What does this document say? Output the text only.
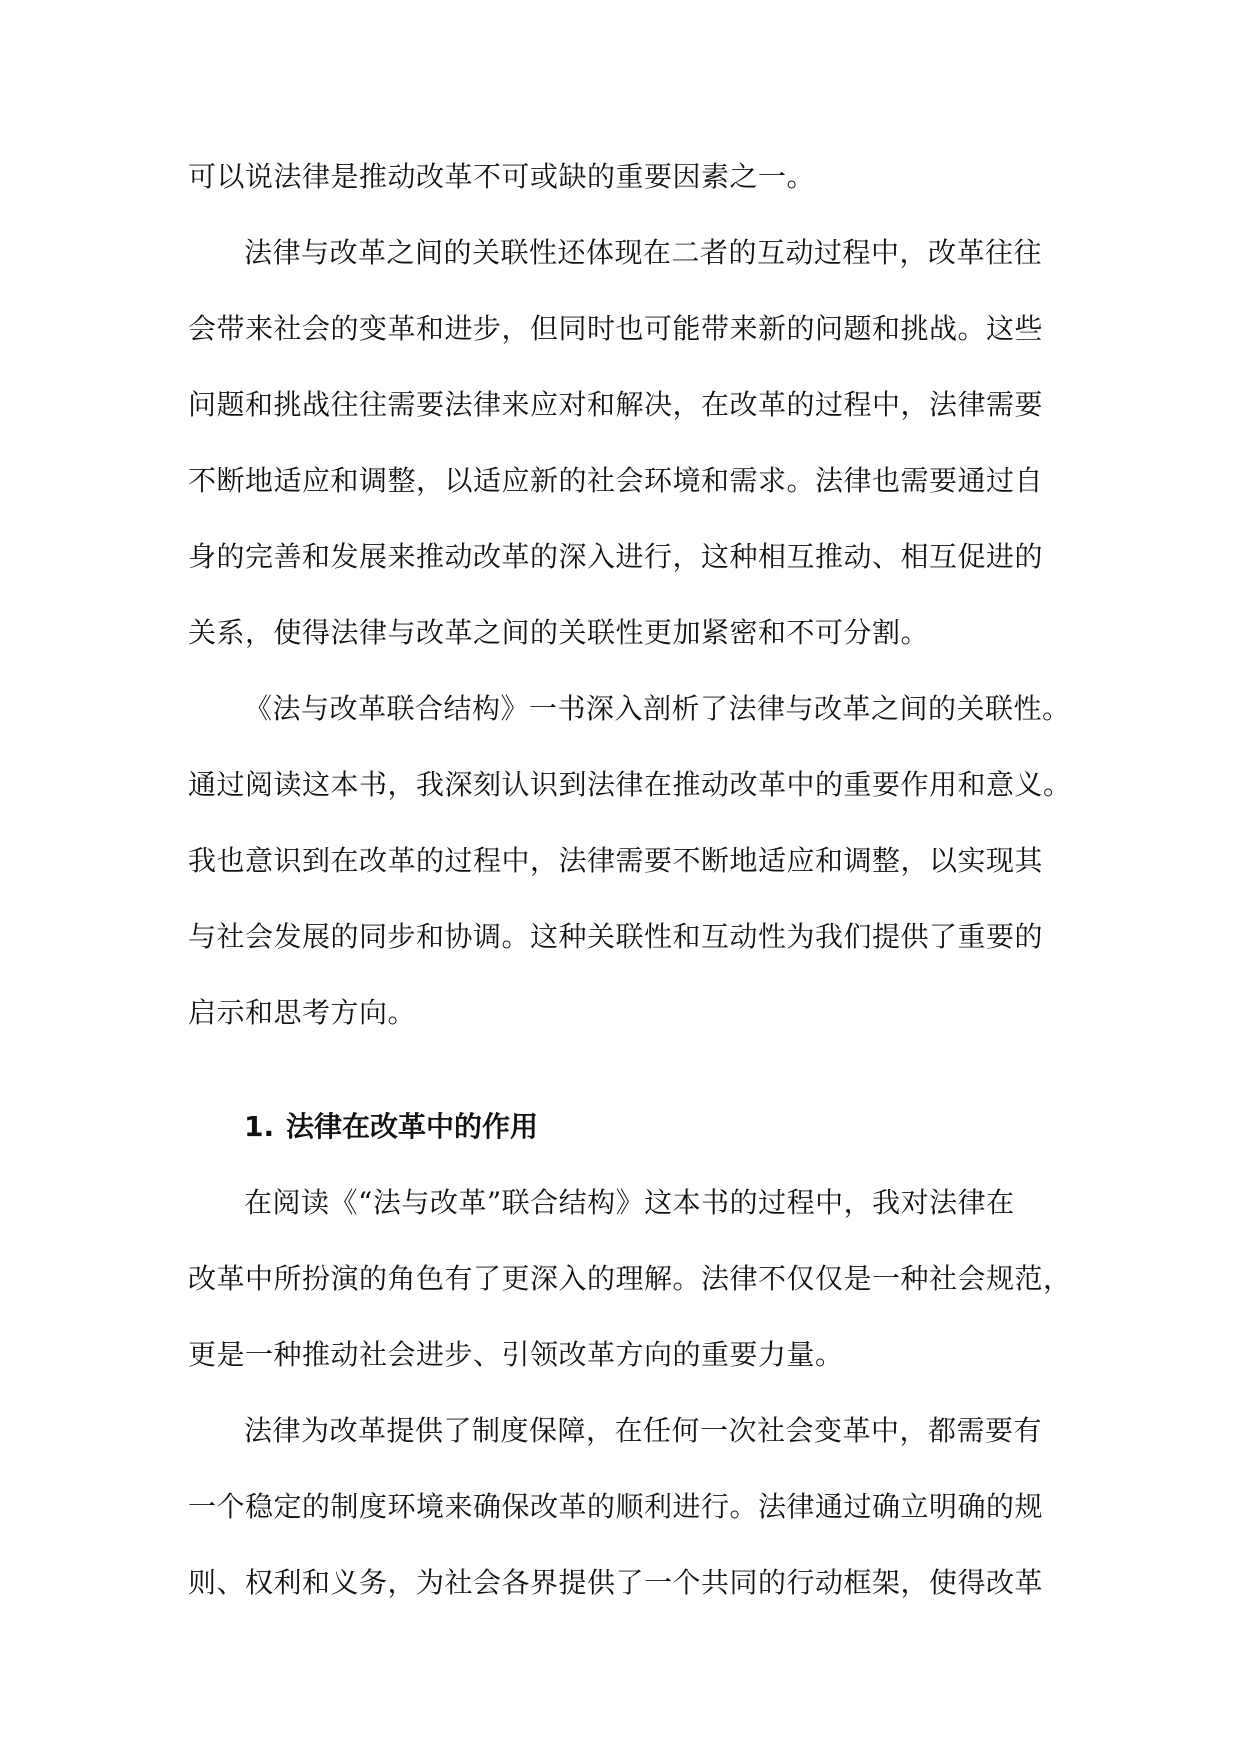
可以说法律是推动改革不可或缺的重要因素之一。
法律与改革之间的关联性还体现在二者的互动过程中，改革往往
会带来社会的变革和进步，但同时也可能带来新的问题和挑战。这些
问题和挑战往往需要法律来应对和解决，在改革的过程中，法律需要
不断地适应和调整，以适应新的社会环境和需求。法律也需要通过自
身的完善和发展来推动改革的深入进行，这种相互推动、相互促进的
关系，使得法律与改革之间的关联性更加紧密和不可分割。
《法与改革联合结构》一书深入剖析了法律与改革之间的关联性。
通过阅读这本书，我深刻认识到法律在推动改革中的重要作用和意义。
我也意识到在改革的过程中，法律需要不断地适应和调整，以实现其
与社会发展的同步和协调。这种关联性和互动性为我们提供了重要的
启示和思考方向。
1. 法律在改革中的作用
在阅读《“法与改革”联合结构》这本书的过程中，我对法律在
改革中所扮演的角色有了更深入的理解。法律不仅仅是一种社会规范，
更是一种推动社会进步、引领改革方向的重要力量。
法律为改革提供了制度保障，在任何一次社会变革中，都需要有
一个稳定的制度环境来确保改革的顺利进行。法律通过确立明确的规
则、权利和义务，为社会各界提供了一个共同的行动框架，使得改革
